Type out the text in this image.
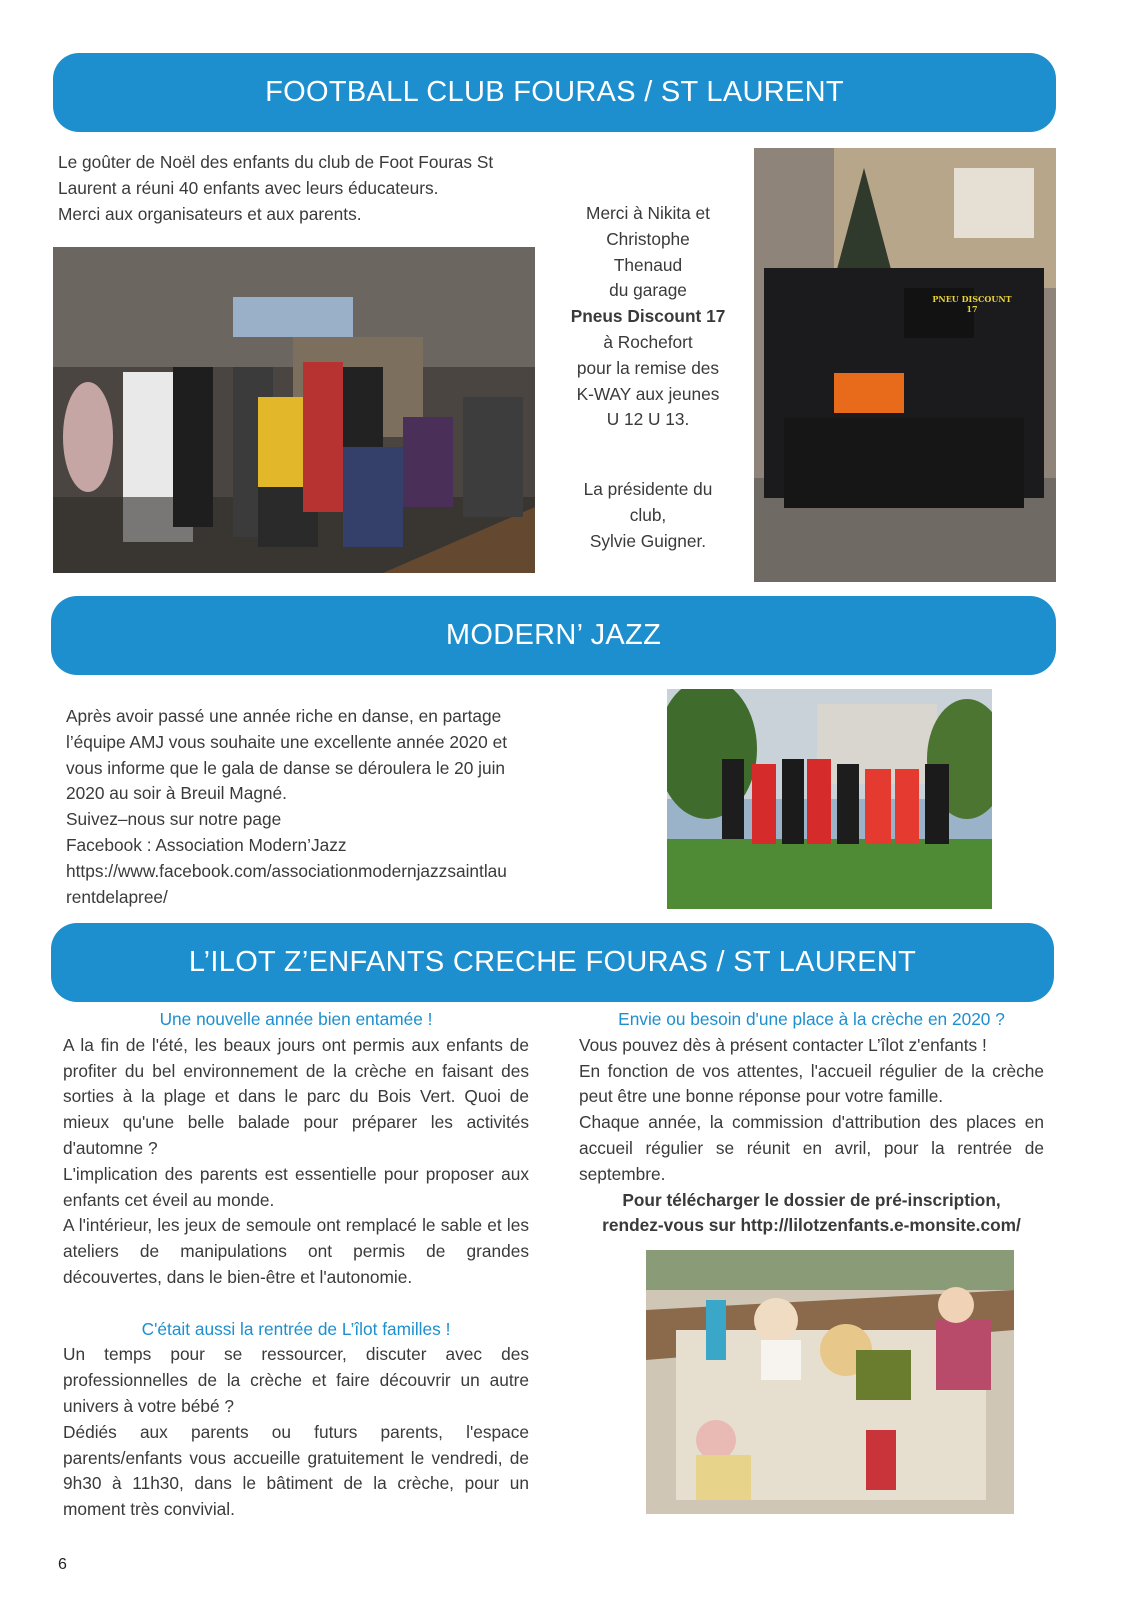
FOOTBALL CLUB FOURAS / ST LAURENT

Le goûter de Noël des enfants du club de Foot Fouras St

Laurent a réuni 40 enfants avec leurs éducateurs.

Merci aux organisateurs et aux parents.	Merci à Nikita et

Christophe

Thenaud

du garage

Pneus Discount 17

à Rochefort

pour la remise des

K-WAY aux jeunes

U 12 U 13.

La présidente du

club,

Sylvie Guigner.

PNEU DISCOUNT 17
MODERN’ JAZZ

Après avoir passé une année riche en danse, en partage

l’équipe AMJ vous souhaite une excellente année 2020 et

vous informe que le gala de danse se déroulera le 20 juin

2020 au soir à Breuil Magné.

Suivez–nous sur notre page

Facebook : Association Modern’Jazz

https://www.facebook.com/associationmodernjazzsaintlau

rentdelapree/

L’ILOT Z’ENFANTS CRECHE FOURAS / ST LAURENT

Une nouvelle année bien entamée !

A la fin de l'été, les beaux jours ont permis aux enfants de profiter du bel environnement de la crèche en faisant des sorties à la plage et dans le parc du Bois Vert. Quoi de mieux qu'une belle balade pour préparer les activités d'automne ?

L'implication des parents est essentielle pour proposer aux enfants cet éveil au monde.

A l'intérieur, les jeux de semoule ont remplacé le sable et les ateliers de manipulations ont permis de grandes découvertes, dans le bien-être et l'autonomie.

C'était aussi la rentrée de L’îlot familles !

Un temps pour se ressourcer, discuter avec des professionnelles de la crèche et faire découvrir un autre univers à votre bébé ?

Dédiés aux parents ou futurs parents, l'espace parents/enfants vous accueille gratuitement le vendredi, de 9h30 à 11h30, dans le bâtiment de la crèche, pour un moment très convivial.

Envie ou besoin d'une place à la crèche en 2020 ?

Vous pouvez dès à présent contacter L’îlot z'enfants !

En fonction de vos attentes, l'accueil régulier de la crèche peut être une bonne réponse pour votre famille.

Chaque année, la commission d'attribution des places en accueil régulier se réunit en avril, pour la rentrée de septembre.

Pour télécharger le dossier de pré-inscription,

rendez-vous sur http://lilotzenfants.e-monsite.com/

6
